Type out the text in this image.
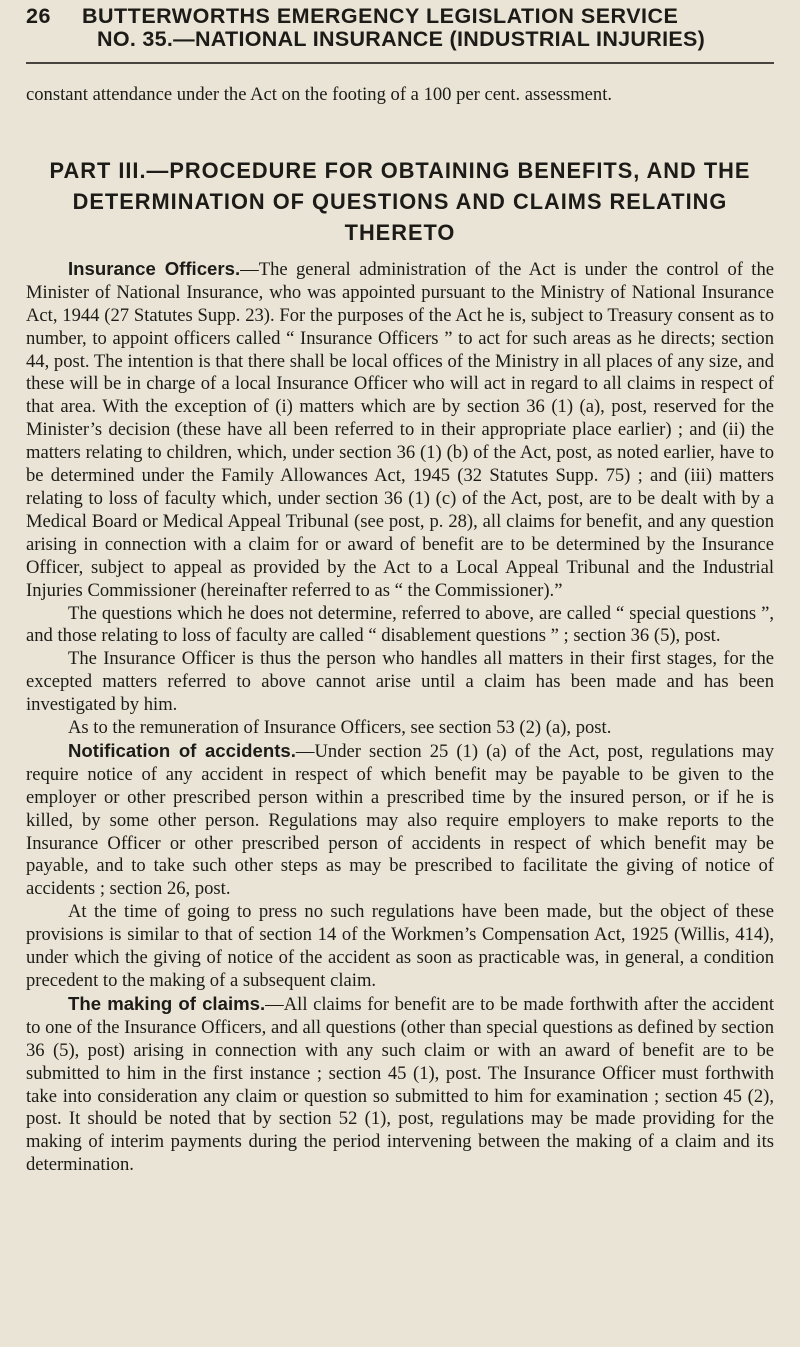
26 BUTTERWORTHS EMERGENCY LEGISLATION SERVICE
NO. 35.—NATIONAL INSURANCE (INDUSTRIAL INJURIES)

constant attendance under the Act on the footing of a 100 per cent. assessment.

PART III.—PROCEDURE FOR OBTAINING BENEFITS, AND THE DETERMINATION OF QUESTIONS AND CLAIMS RELATING THERETO

Insurance Officers.—The general administration of the Act is under the control of the Minister of National Insurance, who was appointed pursuant to the Ministry of National Insurance Act, 1944 (27 Statutes Supp. 23). For the purposes of the Act he is, subject to Treasury consent as to number, to appoint officers called “ Insurance Officers ” to act for such areas as he directs; section 44, post. The intention is that there shall be local offices of the Ministry in all places of any size, and these will be in charge of a local Insurance Officer who will act in regard to all claims in respect of that area. With the exception of (i) matters which are by section 36 (1) (a), post, reserved for the Minister’s decision (these have all been referred to in their appropriate place earlier) ; and (ii) the matters relating to children, which, under section 36 (1) (b) of the Act, post, as noted earlier, have to be determined under the Family Allowances Act, 1945 (32 Statutes Supp. 75) ; and (iii) matters relating to loss of faculty which, under section 36 (1) (c) of the Act, post, are to be dealt with by a Medical Board or Medical Appeal Tribunal (see post, p. 28), all claims for benefit, and any question arising in connection with a claim for or award of benefit are to be determined by the Insurance Officer, subject to appeal as provided by the Act to a Local Appeal Tribunal and the Industrial Injuries Commissioner (hereinafter referred to as “ the Commissioner).”

The questions which he does not determine, referred to above, are called “ special questions ”, and those relating to loss of faculty are called “ disablement questions ” ; section 36 (5), post.

The Insurance Officer is thus the person who handles all matters in their first stages, for the excepted matters referred to above cannot arise until a claim has been made and has been investigated by him.

As to the remuneration of Insurance Officers, see section 53 (2) (a), post.

Notification of accidents.—Under section 25 (1) (a) of the Act, post, regulations may require notice of any accident in respect of which benefit may be payable to be given to the employer or other prescribed person within a prescribed time by the insured person, or if he is killed, by some other person. Regulations may also require employers to make reports to the Insurance Officer or other prescribed person of accidents in respect of which benefit may be payable, and to take such other steps as may be prescribed to facilitate the giving of notice of accidents ; section 26, post.

At the time of going to press no such regulations have been made, but the object of these provisions is similar to that of section 14 of the Workmen’s Compensation Act, 1925 (Willis, 414), under which the giving of notice of the accident as soon as practicable was, in general, a condition precedent to the making of a subsequent claim.

The making of claims.—All claims for benefit are to be made forthwith after the accident to one of the Insurance Officers, and all questions (other than special questions as defined by section 36 (5), post) arising in connection with any such claim or with an award of benefit are to be submitted to him in the first instance ; section 45 (1), post. The Insurance Officer must forthwith take into consideration any claim or question so submitted to him for examination ; section 45 (2), post. It should be noted that by section 52 (1), post, regulations may be made providing for the making of interim payments during the period intervening between the making of a claim and its determination.
